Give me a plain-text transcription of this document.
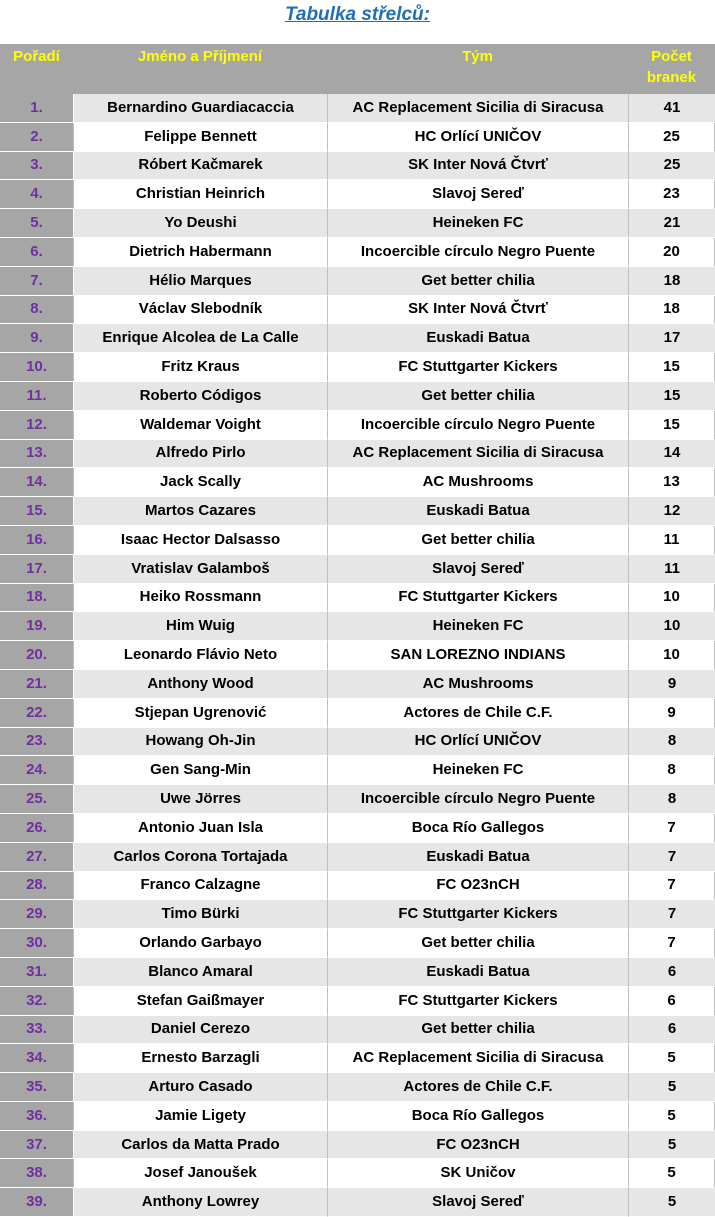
Tabulka střelců:
Pořadí	Jméno a Příjmení	Tým	Počet
branek
1.	Bernardino Guardiacaccia	AC Replacement Sicilia di Siracusa	41
2.	Felippe Bennett	HC Orlící UNIČOV	25
3.	Róbert Kačmarek	SK Inter Nová Čtvrť	25
4.	Christian Heinrich	Slavoj Sereď	23
5.	Yo Deushi	Heineken FC	21
6.	Dietrich Habermann	Incoercible círculo Negro Puente	20
7.	Hélio Marques	Get better chilia	18
8.	Václav Slebodník	SK Inter Nová Čtvrť	18
9.	Enrique Alcolea de La Calle	Euskadi Batua	17
10.	Fritz Kraus	FC Stuttgarter Kickers	15
11.	Roberto Códigos	Get better chilia	15
12.	Waldemar Voight	Incoercible círculo Negro Puente	15
13.	Alfredo Pirlo	AC Replacement Sicilia di Siracusa	14
14.	Jack Scally	AC Mushrooms	13
15.	Martos Cazares	Euskadi Batua	12
16.	Isaac Hector Dalsasso	Get better chilia	11
17.	Vratislav Galamboš	Slavoj Sereď	11
18.	Heiko Rossmann	FC Stuttgarter Kickers	10
19.	Him Wuig	Heineken FC	10
20.	Leonardo Flávio Neto	SAN LOREZNO INDIANS	10
21.	Anthony Wood	AC Mushrooms	9
22.	Stjepan Ugrenović	Actores de Chile C.F.	9
23.	Howang Oh-Jin	HC Orlící UNIČOV	8
24.	Gen Sang-Min	Heineken FC	8
25.	Uwe Jörres	Incoercible círculo Negro Puente	8
26.	Antonio Juan Isla	Boca Río Gallegos	7
27.	Carlos Corona Tortajada	Euskadi Batua	7
28.	Franco Calzagne	FC O23nCH	7
29.	Timo Bürki	FC Stuttgarter Kickers	7
30.	Orlando Garbayo	Get better chilia	7
31.	Blanco Amaral	Euskadi Batua	6
32.	Stefan Gaißmayer	FC Stuttgarter Kickers	6
33.	Daniel Cerezo	Get better chilia	6
34.	Ernesto Barzagli	AC Replacement Sicilia di Siracusa	5
35.	Arturo Casado	Actores de Chile C.F.	5
36.	Jamie Ligety	Boca Río Gallegos	5
37.	Carlos da Matta Prado	FC O23nCH	5
38.	Josef Janoušek	SK Uničov	5
39.	Anthony Lowrey	Slavoj Sereď	5
